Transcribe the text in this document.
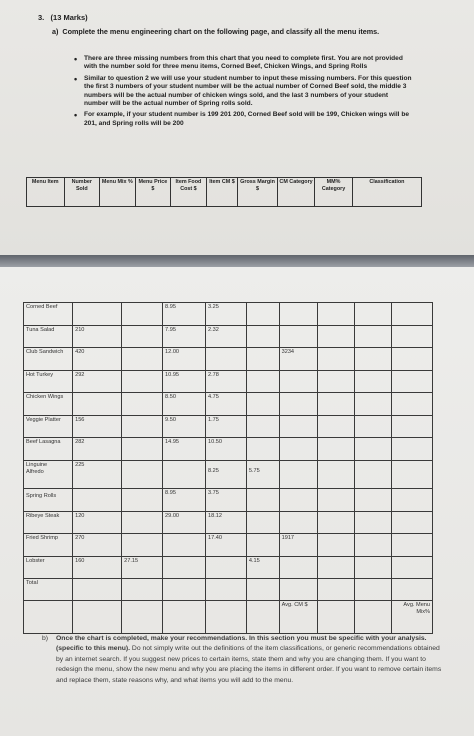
3. (13 Marks)
a) Complete the menu engineering chart on the following page, and classify all the menu items.
• There are three missing numbers from this chart that you need to complete first. You are not provided with the number sold for three menu items, Corned Beef, Chicken Wings, and Spring Rolls
• Similar to question 2 we will use your student number to input these missing numbers. For this question the first 3 numbers of your student number will be the actual number of Corned Beef sold, the middle 3 numbers will be the actual number of chicken wings sold, and the last 3 numbers of your student number will be the actual number of Spring rolls sold.
• For example, if your student number is 199 201 200, Corned Beef sold will be 199, Chicken wings will be 201, and Spring rolls will be 200
Menu Item	Number Sold	Menu Mix %	Menu Price $	Item Food Cost $	Item CM $	Gross Margin $	CM Category	MM% Category	Classification
Corned Beef			8.95	3.25					

Tuna Salad	210		7.95	2.32					

Club Sandwich	420		12.00			3234			

Hot Turkey	292		10.95	2.78					

Chicken Wings			8.50	4.75					

Veggie Platter	156		9.50	1.75					

Beef Lasagna	282		14.95	10.50					

Linguine Alfredo	225			8.25	5.75				

Spring Rolls			8.95	3.75					

Ribeye Steak	120		29.00	18.12					

Fried Shrimp	270			17.40		1917			

Lobster	160	27.15			4.15				
Total									

						Avg. CM $			Avg. Menu Mix%
b) Once the chart is completed, make your recommendations. In this section you must be specific with your analysis. (specific to this menu). Do not simply write out the definitions of the item classifications, or generic recommendations obtained by an internet search. If you suggest new prices to certain items, state them and why you are changing them. If you want to redesign the menu, show the new menu and why you are placing the items in different order. If you want to remove certain items and replace them, state reasons why, and what items you will add to the menu.
